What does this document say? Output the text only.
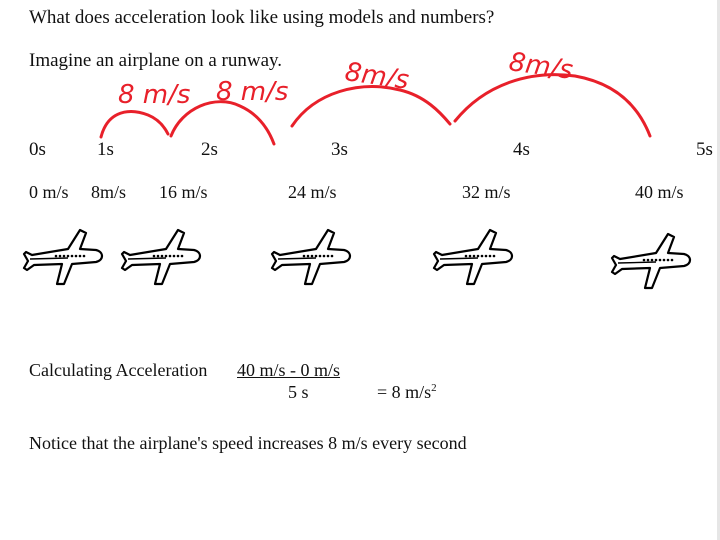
What does acceleration look like using models and numbers?
Imagine an airplane on a runway.
8 m/s 8 m/s 8m/s	8m/s
0s	1s	2s	3s	4s	5s
0 m/s 8m/s 16 m/s	24 m/s	32 m/s	40 m/s
Calculating Acceleration 40 m/s - 0 m/s
5 s	= 8 $m/s^2$
Notice that the airplane's speed increases 8 m/s every second
